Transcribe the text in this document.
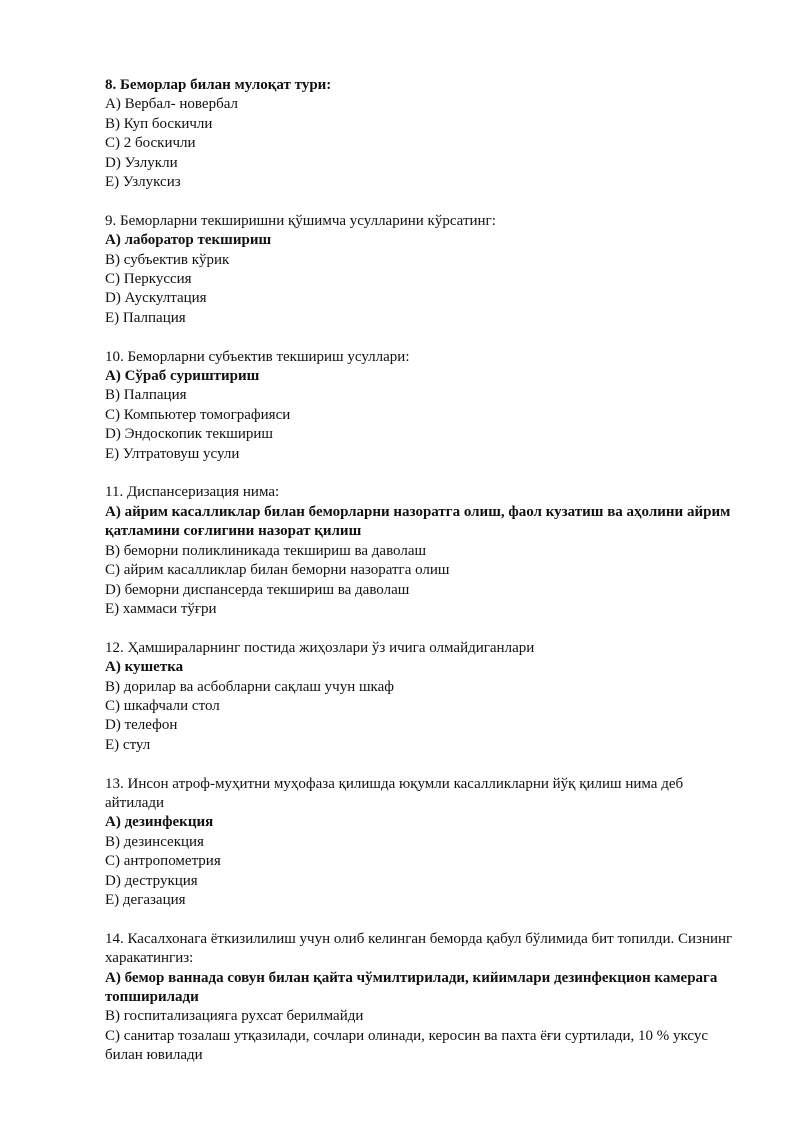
8. Беморлар билан мулоқат тури:

A) Вербал- новербал

B) Куп боскичли

C) 2 боскичли

D) Узлукли

E) Узлуксиз

9. Беморларни текширишни қўшимча усулларини кўрсатинг:

A) лаборатор текшириш

B) субъектив кўрик

C) Перкуссия

D) Аускултация

E) Палпация

10. Беморларни субъектив текшириш усуллари:

A) Сўраб суриштириш

B) Палпация

C) Компьютер томографияси

D) Эндоскопик текшириш

E) Ултратовуш усули

11. Диспансеризация нима:

A) айрим касалликлар билан беморларни назоратга олиш, фаол кузатиш ва аҳолини айрим қатламини соғлигини назорат қилиш

B) беморни поликлиникада текшириш ва даволаш

C) айрим касалликлар билан беморни назоратга олиш

D) беморни диспансерда текшириш ва даволаш

E) хаммаси тўғри

12. Ҳамшираларнинг постида жиҳозлари ўз ичига олмайдиганлари

A) кушетка

B) дорилар ва асбобларни сақлаш учун шкаф

C) шкафчали стол

D) телефон

E) стул

13. Инсон атроф-муҳитни муҳофаза қилишда юқумли касалликларни йўқ қилиш нима деб айтилади

A) дезинфекция

B) дезинсекция

C) антропометрия

D) деструкция

E) дегазация

14. Касалхонага ёткизилилиш учун олиб келинган беморда қабул бўлимида бит топилди. Сизнинг харакатингиз:

A) бемор ваннада совун билан қайта чўмилтирилади, кийимлари дезинфекцион камерага топширилади

B) госпитализацияга рухсат берилмайди

C) санитар тозалаш утқазилади, сочлари олинади, керосин ва пахта ёғи суртилади, 10 % уксус билан ювилади
